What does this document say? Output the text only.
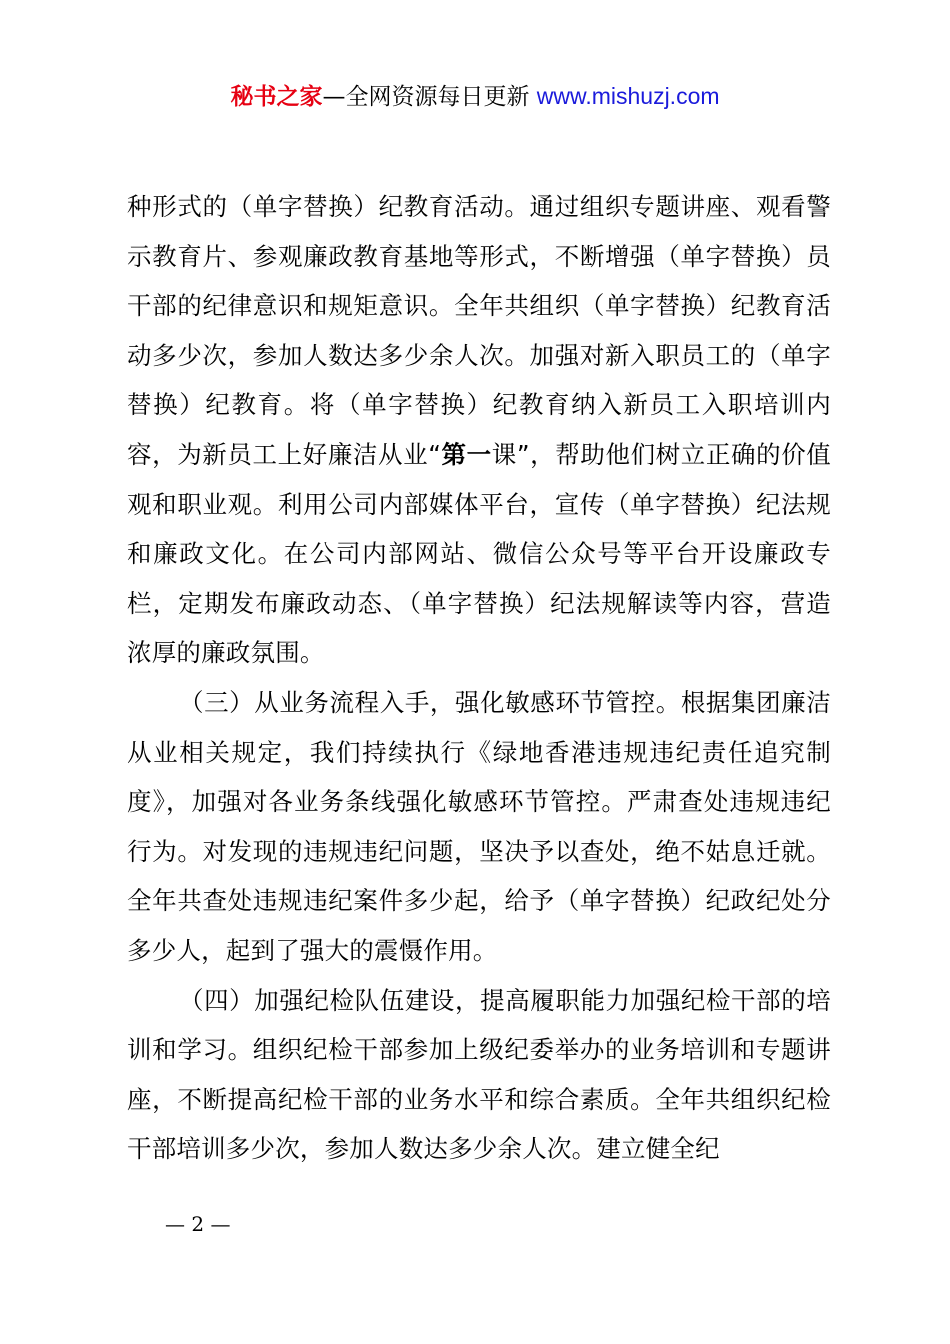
秘书之家—全网资源每日更新 www.mishuzj.com

种形式的（单字替换）纪教育活动。通过组织专题讲座、观看警示教育片、参观廉政教育基地等形式，不断增强（单字替换）员干部的纪律意识和规矩意识。全年共组织（单字替换）纪教育活动多少次，参加人数达多少余人次。加强对新入职员工的（单字替换）纪教育。将（单字替换）纪教育纳入新员工入职培训内容，为新员工上好廉洁从业“第一课”，帮助他们树立正确的价值观和职业观。利用公司内部媒体平台，宣传（单字替换）纪法规和廉政文化。在公司内部网站、微信公众号等平台开设廉政专栏，定期发布廉政动态、（单字替换）纪法规解读等内容，营造浓厚的廉政氛围。

（三）从业务流程入手，强化敏感环节管控。根据集团廉洁从业相关规定，我们持续执行《绿地香港违规违纪责任追究制度》，加强对各业务条线强化敏感环节管控。严肃查处违规违纪行为。对发现的违规违纪问题，坚决予以查处，绝不姑息迁就。全年共查处违规违纪案件多少起，给予（单字替换）纪政纪处分多少人，起到了强大的震慑作用。

（四）加强纪检队伍建设，提高履职能力加强纪检干部的培训和学习。组织纪检干部参加上级纪委举办的业务培训和专题讲座，不断提高纪检干部的业务水平和综合素质。全年共组织纪检干部培训多少次，参加人数达多少余人次。建立健全纪

— 2 —
